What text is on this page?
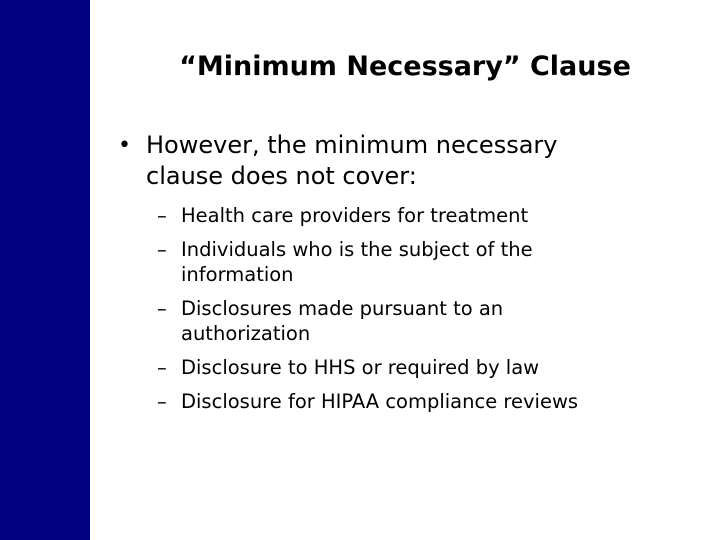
“Minimum Necessary” Clause
• However, the minimum necessary
clause does not cover:
– Health care providers for treatment
– Individuals who is the subject of the
information
– Disclosures made pursuant to an
authorization
– Disclosure to HHS or required by law
– Disclosure for HIPAA compliance reviews
